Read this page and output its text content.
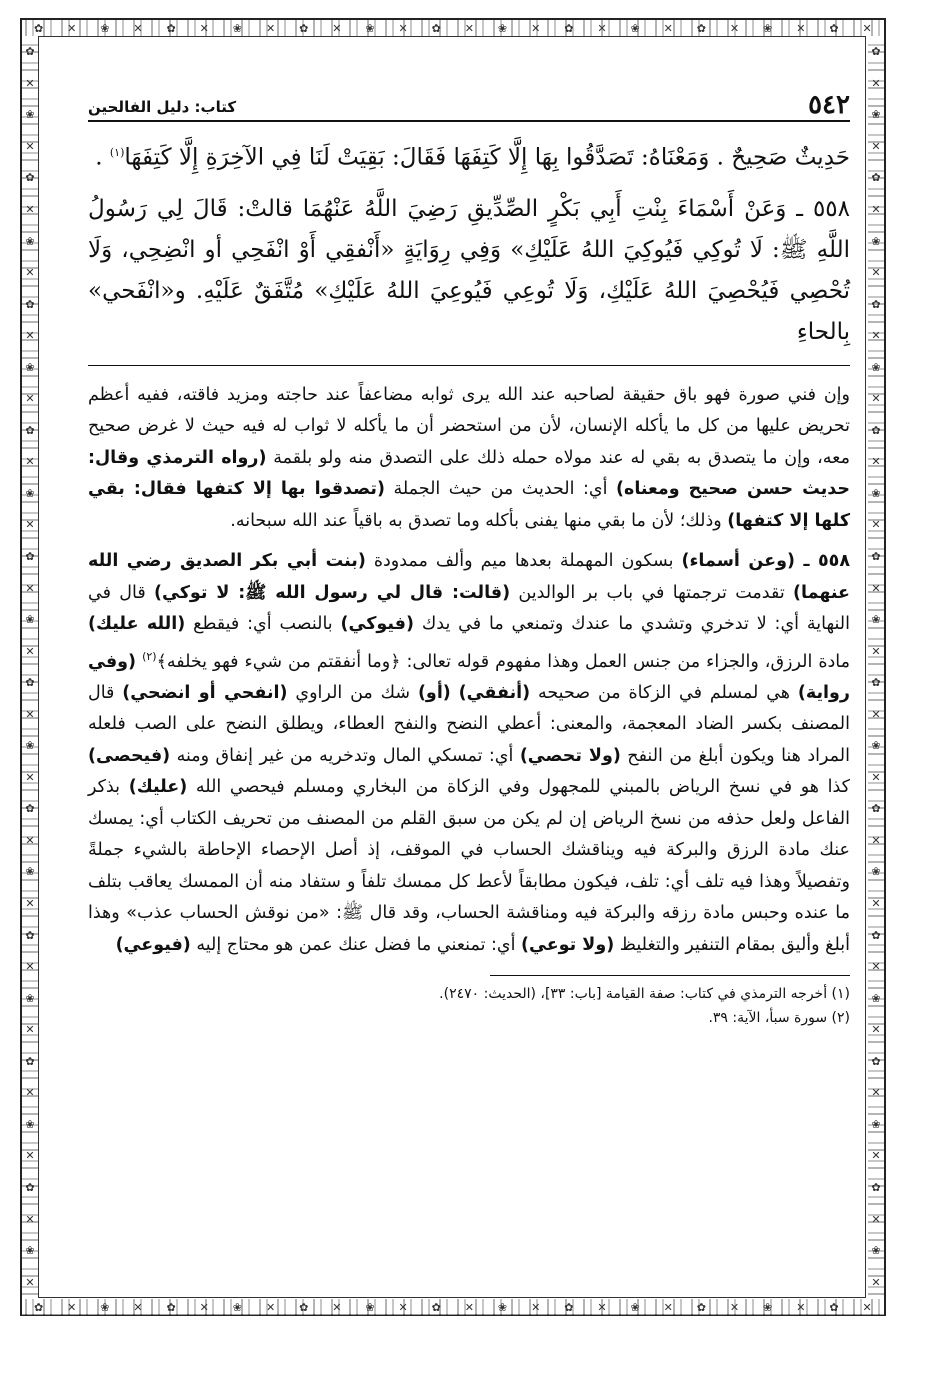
✿ ✕ ❀ ✕ ✿ ✕ ❀ ✕ ✿ ✕ ❀ ✕ ✿ ✕ ❀ ✕ ✿ ✕ ❀ ✕ ✿ ✕ ❀ ✕ ✿ ✕
✿ ✕ ❀ ✕ ✿ ✕ ❀ ✕ ✿ ✕ ❀ ✕ ✿ ✕ ❀ ✕ ✿ ✕ ❀ ✕ ✿ ✕ ❀ ✕ ✿ ✕
✿
✕
❀
✕
✿
✕
❀
✕
✿
✕
❀
✕
✿
✕
❀
✕
✿
✕
❀
✕
✿
✕
❀
✕
✿
✕
❀
✕
✿
✕
❀
✕
✿
✕
❀
✕
✿
✕
❀
✕
✿
✕
❀
✕
✿
✕
❀
✕
✿
✕
❀
✕
✿
✕
❀
✕
✿
✕
❀
✕
✿
✕
❀
✕
✿
✕
❀
✕
✿
✕
❀
✕
✿
✕
❀
✕
✿
✕
❀
✕
٥٤٢
كتاب: دليل الفالحين

حَدِيثٌ صَحِيحٌ . وَمَعْنَاهُ: تَصَدَّقُوا بِهَا إِلَّا كَتِفَهَا فَقَالَ: بَقِيَتْ لَنَا فِي الآخِرَةِ إِلَّا كَتِفَهَا$^{(١)}$ .

٥٥٨ ـ وَعَنْ أَسْمَاءَ بِنْتِ أَبِي بَكْرٍ الصِّدِّيقِ رَضِيَ اللَّهُ عَنْهُمَا قالتْ: قَالَ لِي رَسُولُ اللَّهِ ﷺ: لَا تُوكِي فَيُوكِيَ اللهُ عَلَيْكِ» وَفِي رِوَايَةٍ «أَنْفقِي أَوْ انْفَحِي أو انْضِحِي، وَلَا تُحْصِي فَيُحْصِيَ اللهُ عَلَيْكِ، وَلَا تُوعِي فَيُوعِيَ اللهُ عَلَيْكِ» مُتَّفَقٌ عَلَيْهِ. و«انْفَحي» بِالحاءِ

وإن فني صورة فهو باق حقيقة لصاحبه عند الله يرى ثوابه مضاعفاً عند حاجته ومزيد فاقته، ففيه أعظم تحريض عليها من كل ما يأكله الإنسان، لأن من استحضر أن ما يأكله لا ثواب له فيه حيث لا غرض صحيح معه، وإن ما يتصدق به بقي له عند مولاه حمله ذلك على التصدق منه ولو بلقمة (رواه الترمذي وقال: حديث حسن صحيح ومعناه) أي: الحديث من حيث الجملة (تصدقوا بها إلا كتفها فقال: بقي كلها إلا كتفها) وذلك؛ لأن ما بقي منها يفنى بأكله وما تصدق به باقياً عند الله سبحانه.

٥٥٨ ـ (وعن أسماء) بسكون المهملة بعدها ميم وألف ممدودة (بنت أبي بكر الصديق رضي الله عنهما) تقدمت ترجمتها في باب بر الوالدين (قالت: قال لي رسول الله ﷺ: لا توكي) قال في النهاية أي: لا تدخري وتشدي ما عندك وتمنعي ما في يدك (فيوكي) بالنصب أي: فيقطع (الله عليك) مادة الرزق، والجزاء من جنس العمل وهذا مفهوم قوله تعالى: ﴿وما أنفقتم من شيء فهو يخلفه﴾$^{(٢)}$ (وفي رواية) هي لمسلم في الزكاة من صحيحه (أنفقي) (أو) شك من الراوي (انفحي أو انضحي) قال المصنف بكسر الضاد المعجمة، والمعنى: أعطي النضح والنفح العطاء، ويطلق النضح على الصب فلعله المراد هنا ويكون أبلغ من النفح (ولا تحصي) أي: تمسكي المال وتدخريه من غير إنفاق ومنه (فيحصى) كذا هو في نسخ الرياض بالمبني للمجهول وفي الزكاة من البخاري ومسلم فيحصي الله (عليك) بذكر الفاعل ولعل حذفه من نسخ الرياض إن لم يكن من سبق القلم من المصنف من تحريف الكتاب أي: يمسك عنك مادة الرزق والبركة فيه ويناقشك الحساب في الموقف، إذ أصل الإحصاء الإحاطة بالشيء جملةً وتفصيلاً وهذا فيه تلف أي: تلف، فيكون مطابقاً لأعط كل ممسك تلفاً و ستفاد منه أن الممسك يعاقب بتلف ما عنده وحبس مادة رزقه والبركة فيه ومناقشة الحساب، وقد قال ﷺ: «من نوقش الحساب عذب» وهذا أبلغ وأليق بمقام التنفير والتغليظ (ولا توعي) أي: تمنعني ما فضل عنك عمن هو محتاج إليه (فيوعي)

(١) أخرجه الترمذي في كتاب: صفة القيامة [باب: ٣٣]، (الحديث: ٢٤٧٠).
(٢) سورة سبأ، الآية: ٣٩.
